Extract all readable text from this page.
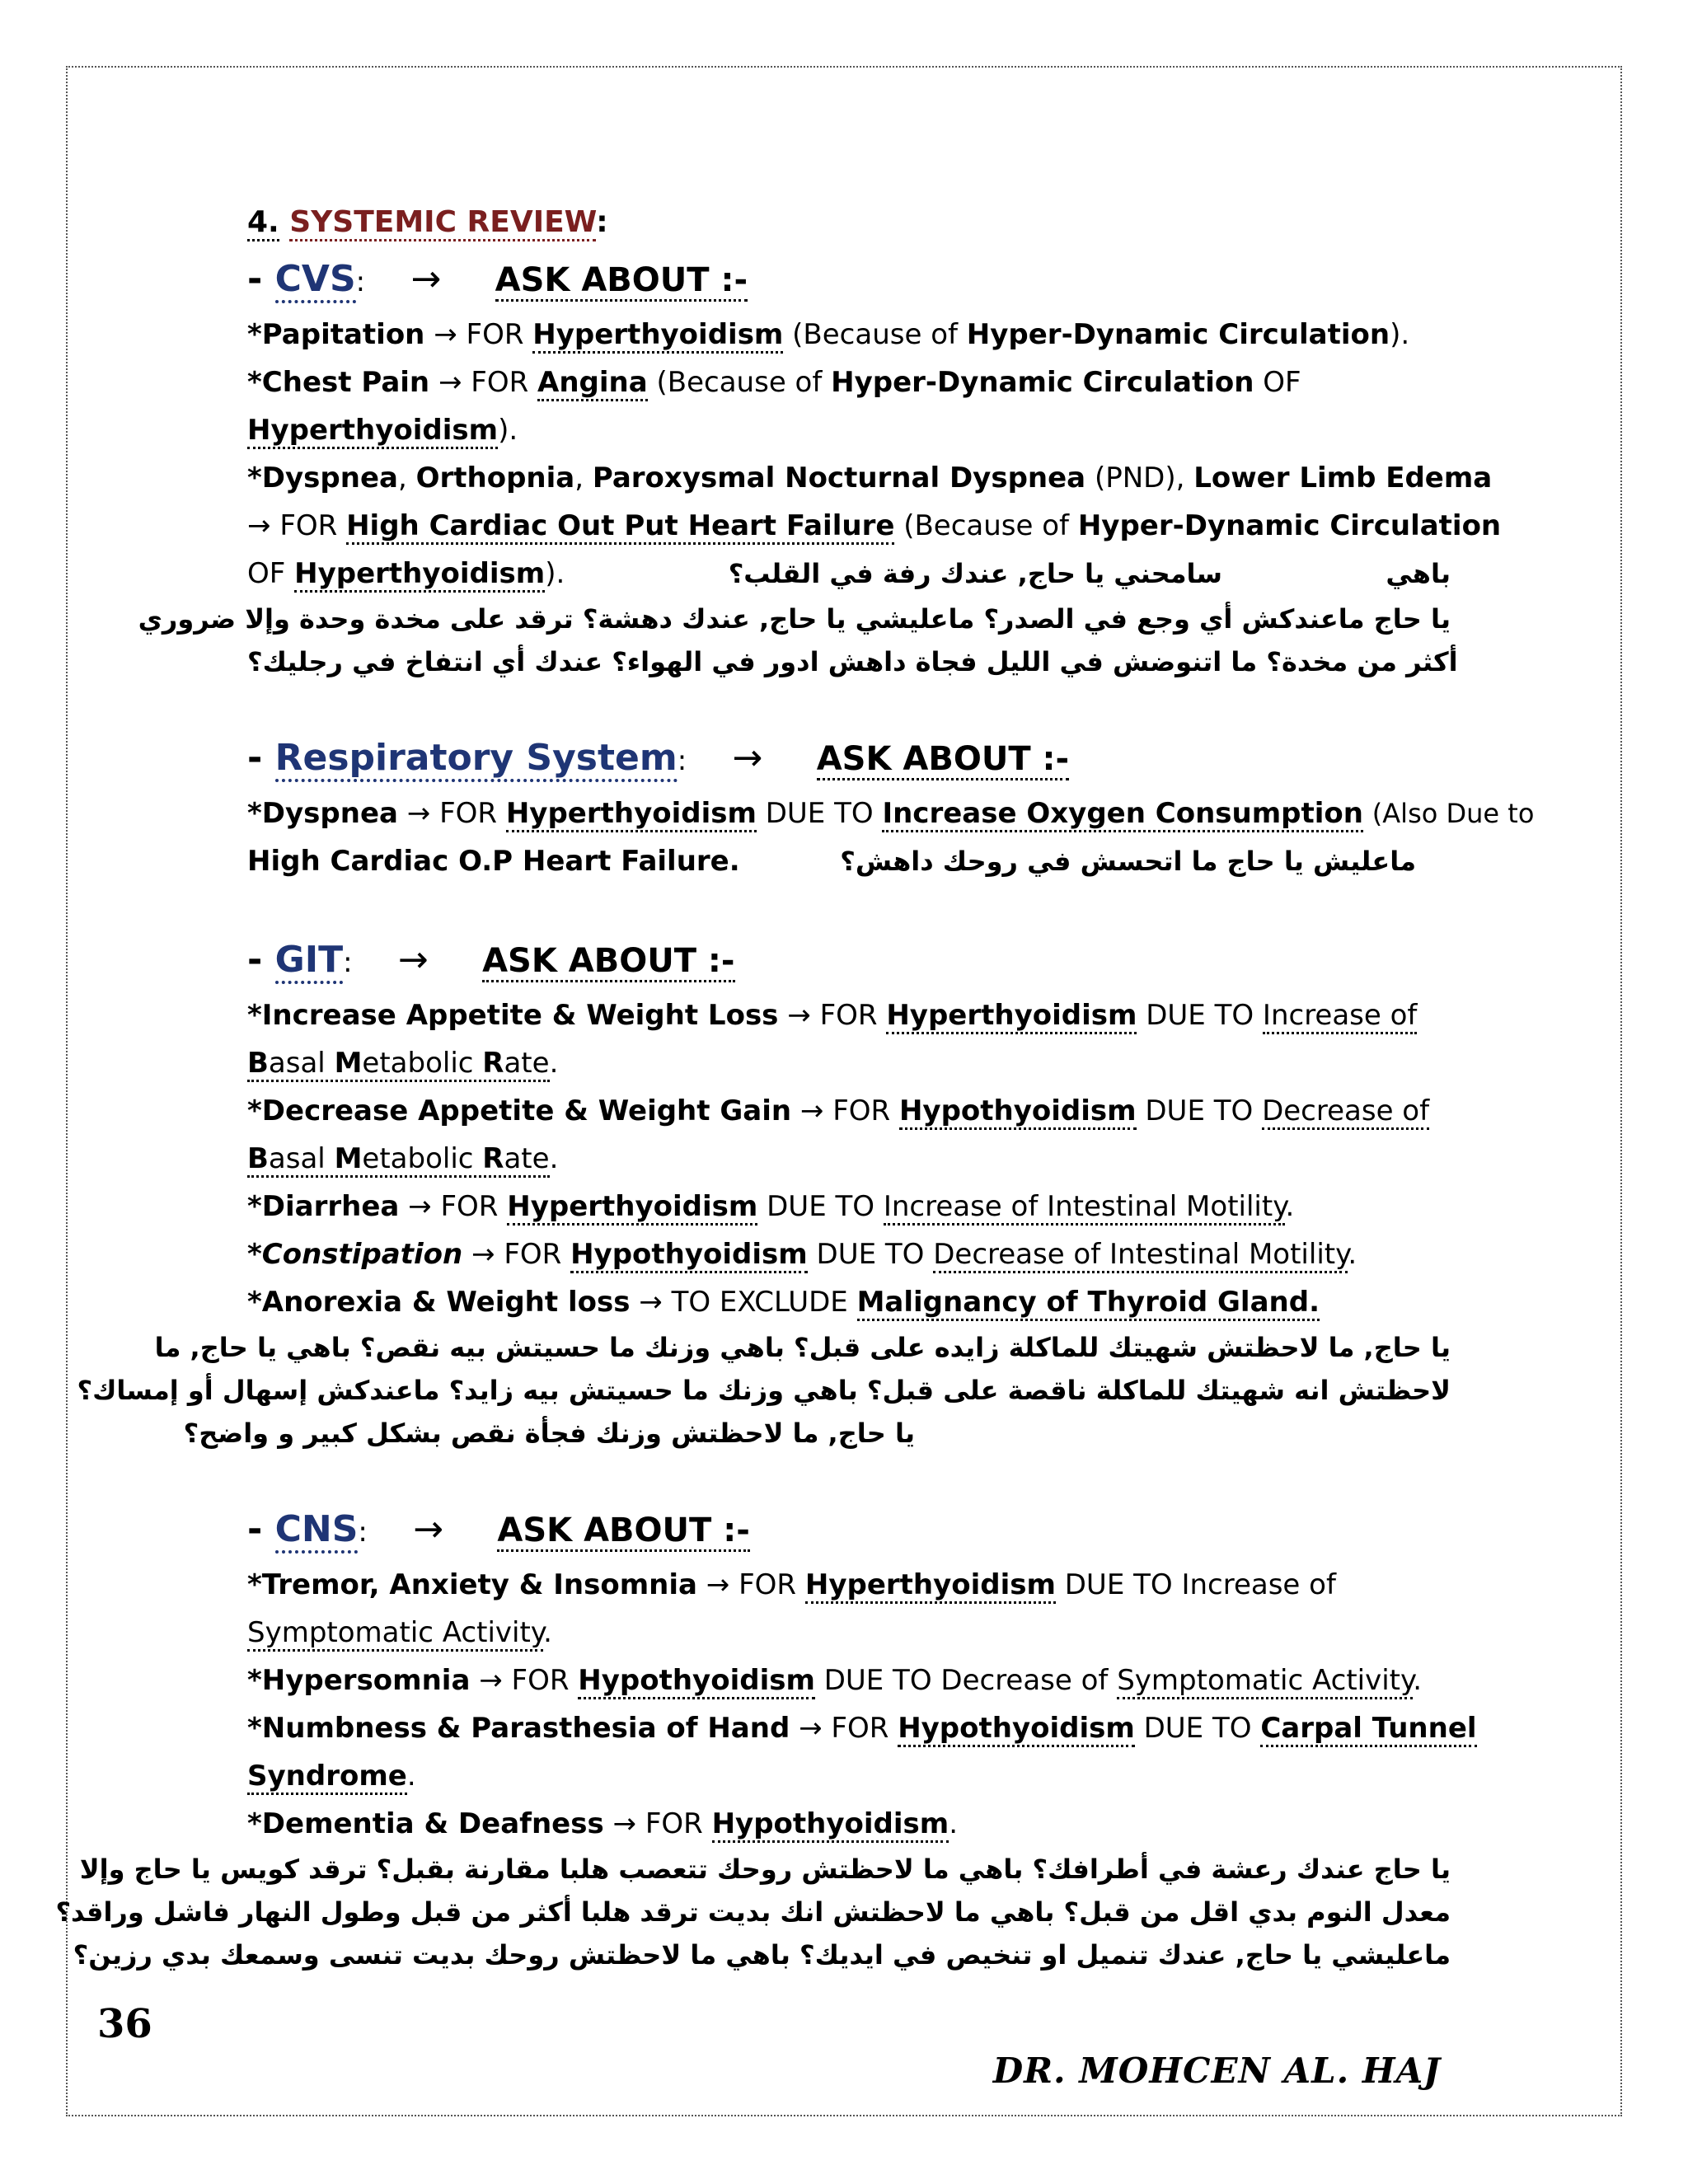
4. SYSTEMIC REVIEW:
- CVS: → ASK ABOUT :-
*Papitation → FOR Hyperthyoidism (Because of Hyper-Dynamic Circulation).
*Chest Pain → FOR Angina (Because of Hyper-Dynamic Circulation OF
Hyperthyoidism).
*Dyspnea, Orthopnia, Paroxysmal Nocturnal Dyspnea (PND), Lower Limb Edema
→ FOR High Cardiac Out Put Heart Failure (Because of Hyper-Dynamic Circulation
OF Hyperthyoidism).	سامحني يا حاج, عندك رفة في القلب؟	باهي
يا حاج ماعندكش أي وجع في الصدر؟ ماعليشي يا حاج, عندك دهشة؟ ترقد على مخدة وحدة وإلا ضروري
أكثر من مخدة؟ ما اتنوضش في الليل فجاة داهش ادور في الهواء؟ عندك أي انتفاخ في رجليك؟
- Respiratory System: → ASK ABOUT :-
*Dyspnea → FOR Hyperthyoidism DUE TO Increase Oxygen Consumption (Also Due to
High Cardiac O.P Heart Failure.	ماعليش يا حاج ما اتحسش في روحك داهش؟
- GIT: → ASK ABOUT :-
*Increase Appetite & Weight Loss → FOR Hyperthyoidism DUE TO Increase of
Basal Metabolic Rate.
*Decrease Appetite & Weight Gain → FOR Hypothyoidism DUE TO Decrease of
Basal Metabolic Rate.
*Diarrhea → FOR Hyperthyoidism DUE TO Increase of Intestinal Motility.
*Constipation → FOR Hypothyoidism DUE TO Decrease of Intestinal Motility.
*Anorexia & Weight loss → TO EXCLUDE Malignancy of Thyroid Gland.
يا حاج, ما لاحظتش شهيتك للماكلة زايده على قبل؟ باهي وزنك ما حسيتش بيه نقص؟ باهي يا حاج, ما
لاحظتش انه شهيتك للماكلة ناقصة على قبل؟ باهي وزنك ما حسيتش بيه زايد؟ ماعندكش إسهال أو إمساك؟
يا حاج, ما لاحظتش وزنك فجأة نقص بشكل كبير و واضح؟
- CNS: → ASK ABOUT :-
*Tremor, Anxiety & Insomnia → FOR Hyperthyoidism DUE TO Increase of
Symptomatic Activity.
*Hypersomnia → FOR Hypothyoidism DUE TO Decrease of Symptomatic Activity.
*Numbness & Parasthesia of Hand → FOR Hypothyoidism DUE TO Carpal Tunnel
Syndrome.
*Dementia & Deafness → FOR Hypothyoidism.
يا حاج عندك رعشة في أطرافك؟ باهي ما لاحظتش روحك تتعصب هلبا مقارنة بقبل؟ ترقد كويس يا حاج وإلا
معدل النوم بدي اقل من قبل؟ باهي ما لاحظتش انك بديت ترقد هلبا أكثر من قبل وطول النهار فاشل وراقد؟
ماعليشي يا حاج, عندك تنميل او تنخيص في ايديك؟ باهي ما لاحظتش روحك بديت تنسى وسمعك بدي رزين؟
36
DR. MOHCEN AL. HAJ
